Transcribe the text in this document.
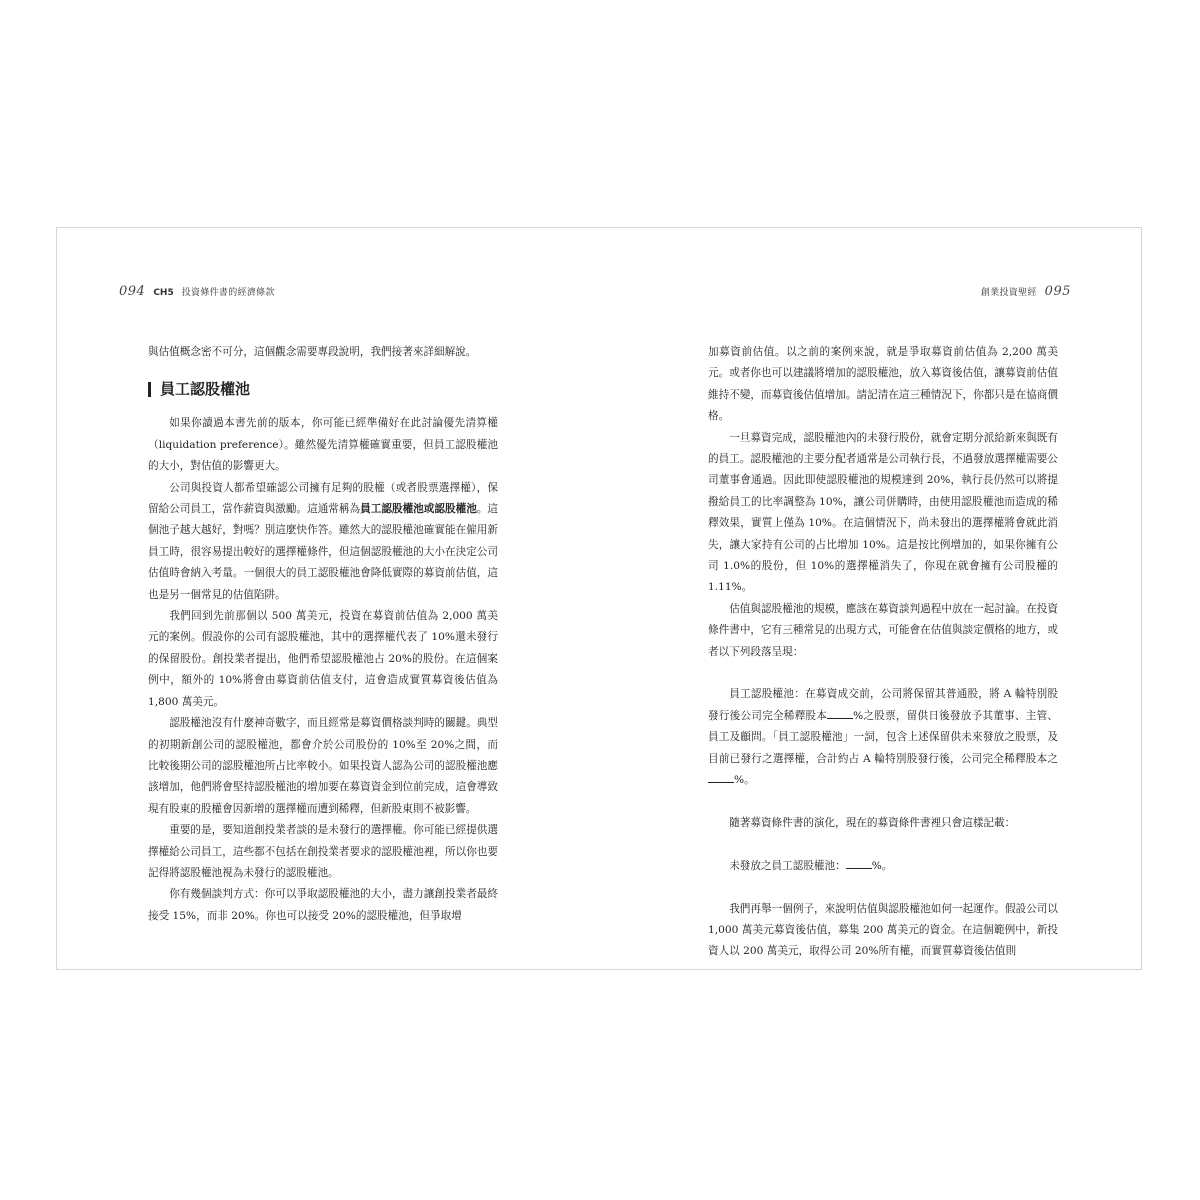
094 CH5 投資條件書的經濟條款

與估值概念密不可分，這個觀念需要專段說明，我們接著來詳細解說。

員工認股權池

如果你讀過本書先前的版本，你可能已經準備好在此討論優先清算權（liquidation preference）。雖然優先清算權確實重要，但員工認股權池的大小，對估值的影響更大。

公司與投資人都希望確認公司擁有足夠的股權（或者股票選擇權），保留給公司員工，當作薪資與激勵。這通常稱為員工認股權池或認股權池。這個池子越大越好，對嗎？別這麼快作答。雖然大的認股權池確實能在僱用新員工時，很容易提出較好的選擇權條件，但這個認股權池的大小在決定公司估值時會納入考量。一個很大的員工認股權池會降低實際的募資前估值，這也是另一個常見的估值陷阱。

我們回到先前那個以 500 萬美元，投資在募資前估值為 2,000 萬美元的案例。假設你的公司有認股權池，其中的選擇權代表了 10%還未發行的保留股份。創投業者提出，他們希望認股權池占 20%的股份。在這個案例中，額外的 10%將會由募資前估值支付，這會造成實質募資後估值為 1,800 萬美元。

認股權池沒有什麼神奇數字，而且經常是募資價格談判時的關鍵。典型的初期新創公司的認股權池，都會介於公司股份的 10%至 20%之間，而比較後期公司的認股權池所占比率較小。如果投資人認為公司的認股權池應該增加，他們將會堅持認股權池的增加要在募資資金到位前完成，這會導致現有股東的股權會因新增的選擇權而遭到稀釋，但新股東則不被影響。

重要的是，要知道創投業者談的是未發行的選擇權。你可能已經提供選擇權給公司員工，這些都不包括在創投業者要求的認股權池裡，所以你也要記得將認股權池視為未發行的認股權池。

你有幾個談判方式：你可以爭取認股權池的大小，盡力讓創投業者最終接受 15%，而非 20%。你也可以接受 20%的認股權池，但爭取增

創業投資聖經 095

加募資前估值。以之前的案例來說，就是爭取募資前估值為 2,200 萬美元。或者你也可以建議將增加的認股權池，放入募資後估值，讓募資前估值維持不變，而募資後估值增加。請記清在這三種情況下，你都只是在協商價格。

一旦募資完成，認股權池內的未發行股份，就會定期分派給新來與既有的員工。認股權池的主要分配者通常是公司執行長，不過發放選擇權需要公司董事會通過。因此即使認股權池的規模達到 20%，執行長仍然可以將提撥給員工的比率調整為 10%，讓公司併購時，由使用認股權池而造成的稀釋效果，實質上僅為 10%。在這個情況下，尚未發出的選擇權將會就此消失，讓大家持有公司的占比增加 10%。這是按比例增加的，如果你擁有公司 1.0%的股份，但 10%的選擇權消失了，你現在就會擁有公司股權的 1.11%。

估值與認股權池的規模，應該在募資談判過程中放在一起討論。在投資條件書中，它有三種常見的出現方式，可能會在估值與談定價格的地方，或者以下列段落呈現：

員工認股權池：在募資成交前，公司將保留其普通股，將 A 輪特別股發行後公司完全稀釋股本 %之股票，留供日後發放予其董事、主管、員工及顧問。「員工認股權池」一詞，包含上述保留供未來發放之股票，及目前已發行之選擇權，合計約占 A 輪特別股發行後，公司完全稀釋股本之%。

隨著募資條件書的演化，現在的募資條件書裡只會這樣記載：

未發放之員工認股權池： %。

我們再舉一個例子，來說明估值與認股權池如何一起運作。假設公司以 1,000 萬美元募資後估值，募集 200 萬美元的資金。在這個範例中，新投資人以 200 萬美元，取得公司 20%所有權，而實質募資後估值則
